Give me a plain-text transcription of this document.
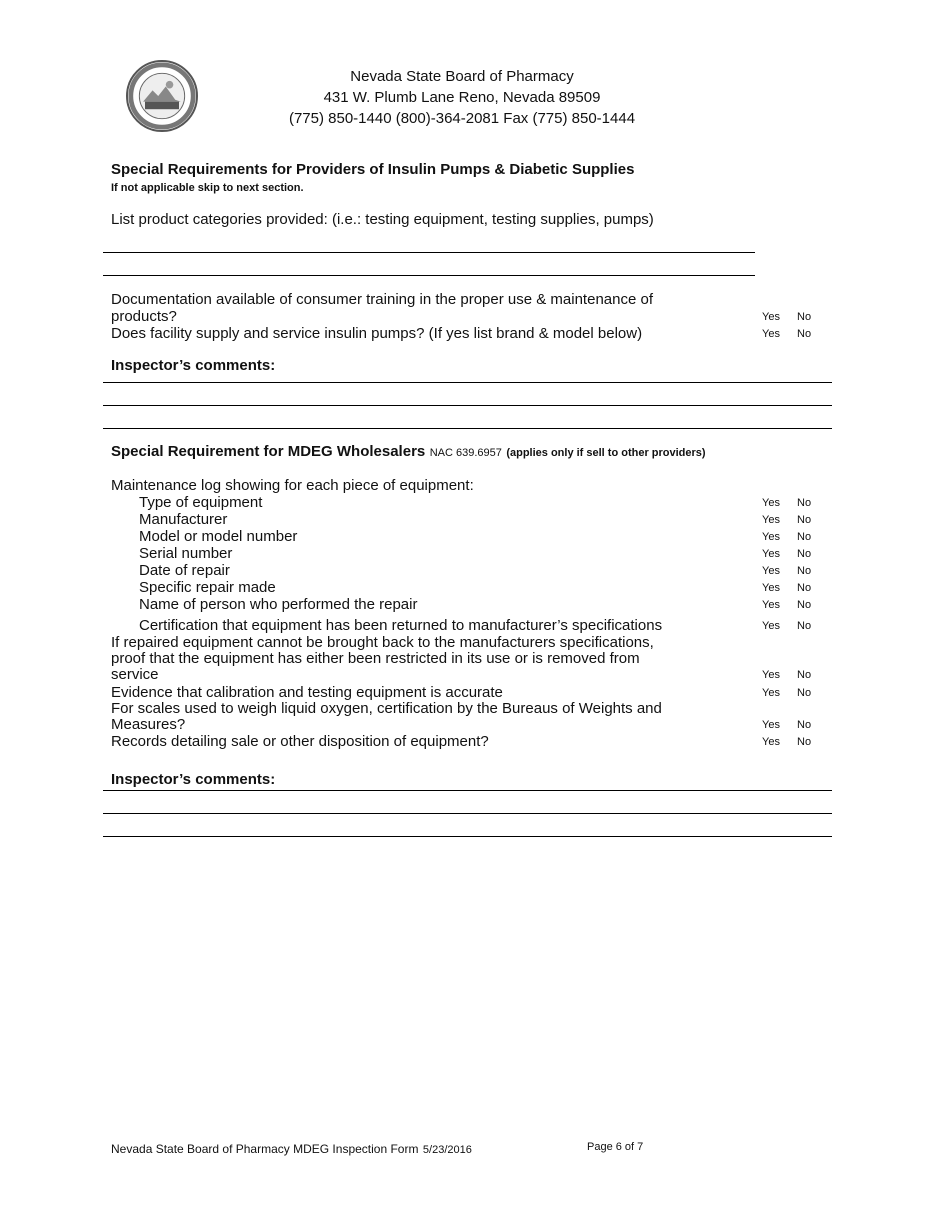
Nevada State Board of Pharmacy
431 W. Plumb Lane Reno, Nevada 89509
(775) 850-1440 (800)-364-2081 Fax (775) 850-1444
Special Requirements for Providers of Insulin Pumps & Diabetic Supplies
If not applicable skip to next section.
List product categories provided: (i.e.: testing equipment, testing supplies, pumps)
Documentation available of consumer training in the proper use & maintenance of
products?	Yes No
Does facility supply and service insulin pumps? (If yes list brand & model below)	Yes No
Inspector’s comments:
Special Requirement for MDEG Wholesalers NAC 639.6957 (applies only if sell to other providers)
Maintenance log showing for each piece of equipment:
Type of equipment	Yes No
Manufacturer	Yes No
Model or model number	Yes No
Serial number	Yes No
Date of repair	Yes No
Specific repair made	Yes No
Name of person who performed the repair	Yes No
Certification that equipment has been returned to manufacturer’s specifications	Yes No
If repaired equipment cannot be brought back to the manufacturers specifications,
proof that the equipment has either been restricted in its use or is removed from
service	Yes No
Evidence that calibration and testing equipment is accurate	Yes No
For scales used to weigh liquid oxygen, certification by the Bureaus of Weights and
Measures?	Yes No
Records detailing sale or other disposition of equipment?	Yes No
Inspector’s comments:
Nevada State Board of Pharmacy MDEG Inspection Form 5/23/2016	Page 6 of 7
